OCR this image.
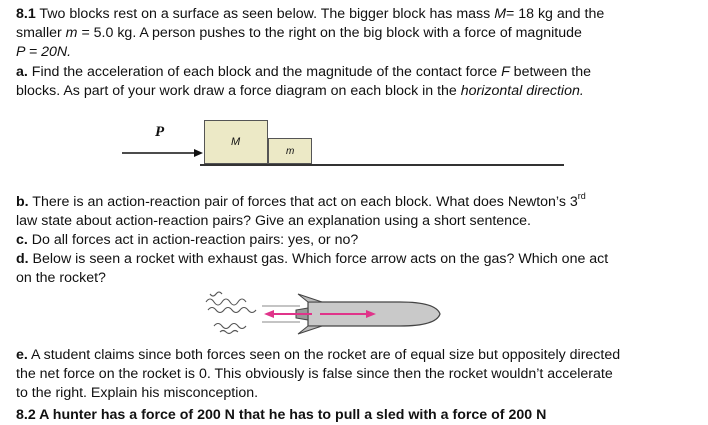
8.1 Two blocks rest on a surface as seen below. The bigger block has mass M= 18 kg and the
smaller m = 5.0 kg. A person pushes to the right on the big block with a force of magnitude
P = 20N.
a. Find the acceleration of each block and the magnitude of the contact force F between the
blocks. As part of your work draw a force diagram on each block in the horizontal direction.
P
M
m
b. There is an action-reaction pair of forces that act on each block. What does Newton’s 3rd
law state about action-reaction pairs? Give an explanation using a short sentence.
c. Do all forces act in action-reaction pairs: yes, or no?
d. Below is seen a rocket with exhaust gas. Which force arrow acts on the gas? Which one act
on the rocket?
e. A student claims since both forces seen on the rocket are of equal size but oppositely directed
the net force on the rocket is 0. This obviously is false since then the rocket wouldn’t accelerate
to the right. Explain his misconception.
8.2 A hunter has a force of 200 N that he has to pull a sled with a force of 200 N
